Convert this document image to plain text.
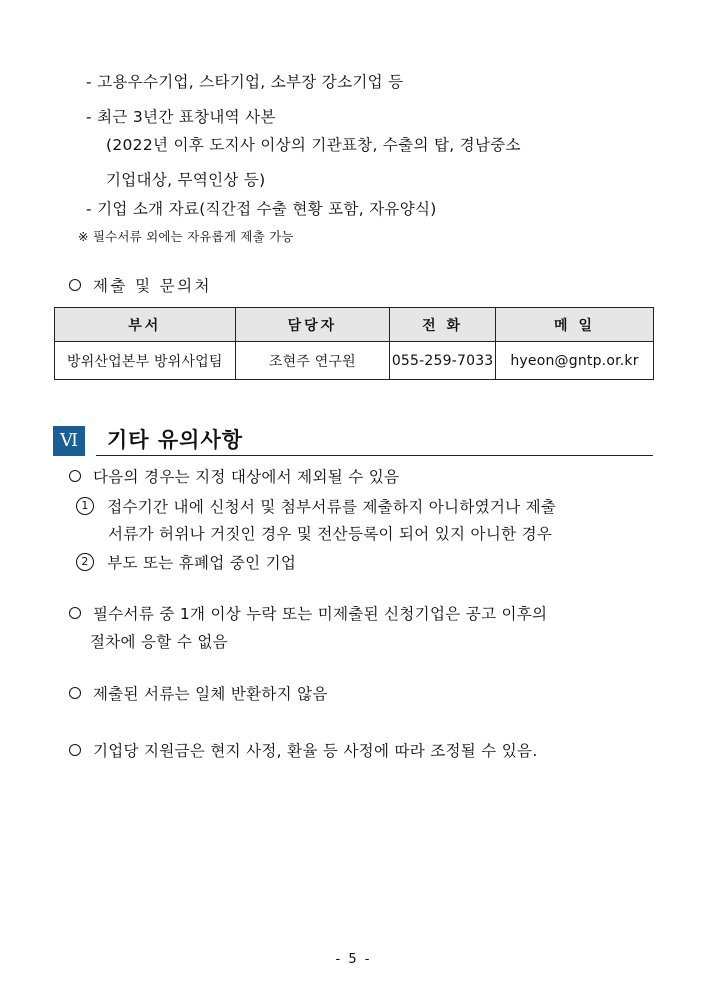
- 고용우수기업, 스타기업, 소부장 강소기업 등
- 최근 3년간 표창내역 사본
(2022년 이후 도지사 이상의 기관표창, 수출의 탑, 경남중소
기업대상, 무역인상 등)
- 기업 소개 자료(직간접 수출 현황 포함, 자유양식)
※ 필수서류 외에는 자유롭게 제출 가능
제출 및 문의처
부서	담당자	전 화	메 일
방위산업본부 방위사업팀	조현주 연구원	055-259-7033	hyeon@gntp.or.kr
Ⅵ	기타 유의사항
다음의 경우는 지정 대상에서 제외될 수 있음
1 접수기간 내에 신청서 및 첨부서류를 제출하지 아니하였거나 제출
서류가 허위나 거짓인 경우 및 전산등록이 되어 있지 아니한 경우
2 부도 또는 휴폐업 중인 기업
필수서류 중 1개 이상 누락 또는 미제출된 신청기업은 공고 이후의
절차에 응할 수 없음
제출된 서류는 일체 반환하지 않음
기업당 지원금은 현지 사정, 환율 등 사정에 따라 조정될 수 있음.
- 5 -
